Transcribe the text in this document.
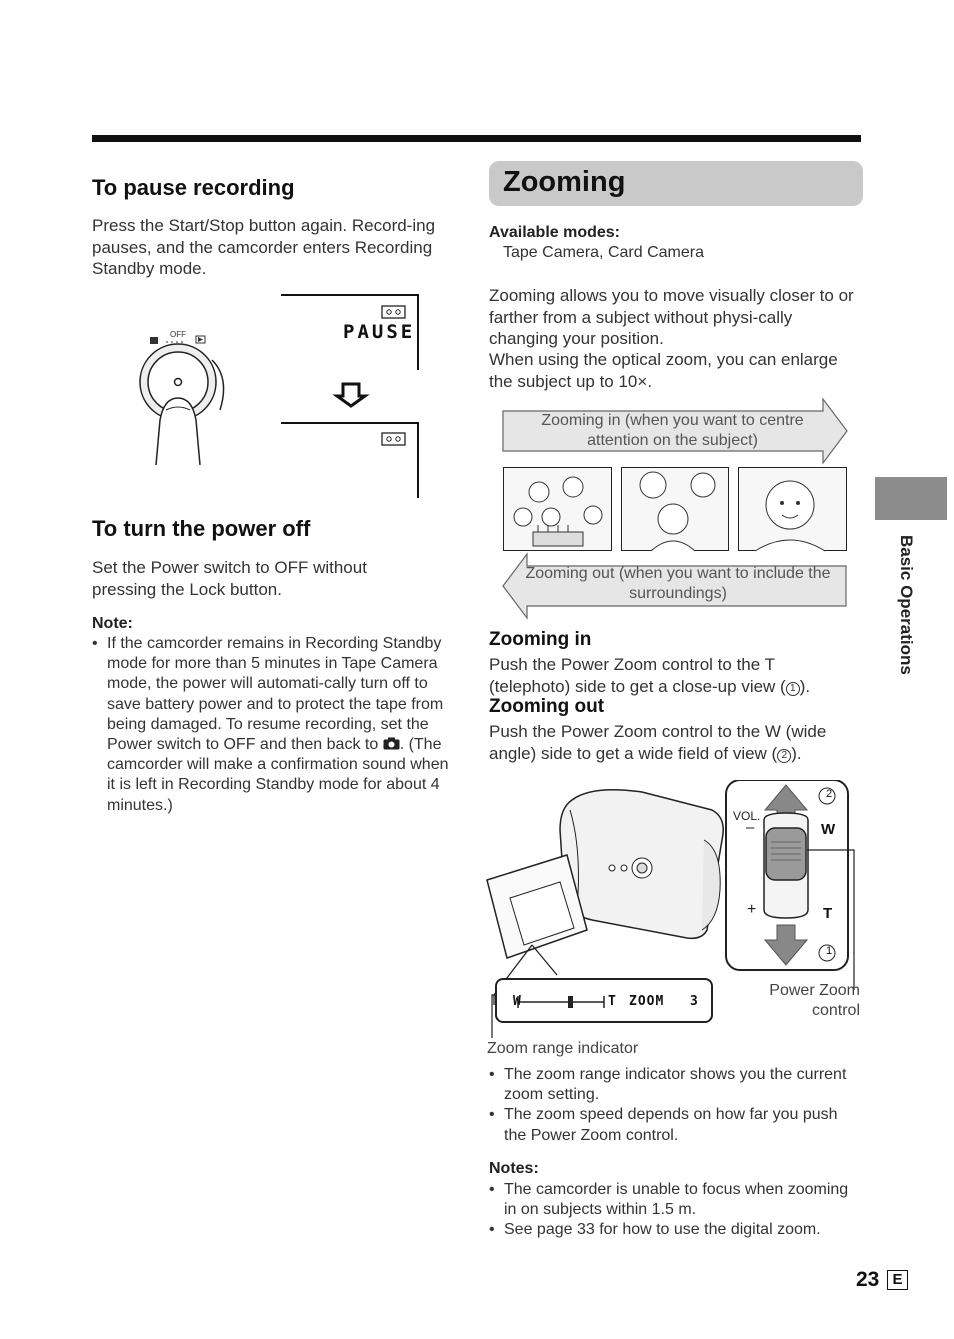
To pause recording

Press the Start/Stop button again. Record-ing pauses, and the camcorder enters Recording Standby mode.

OFF	PAUSE
To turn the power off

Set the Power switch to OFF without pressing the Lock button.

Note:
• If the camcorder remains in Recording Standby mode for more than 5 minutes in Tape Camera mode, the power will automati-cally turn off to save battery power and to protect the tape from being damaged. To resume recording, set the Power switch to OFF and then back to . (The camcorder will make a confirmation sound when it is left in Recording Standby mode for about 4 minutes.)
Zooming
Available modes:
Tape Camera, Card Camera

Zooming allows you to move visually closer to or farther from a subject without physi-cally changing your position.

When using the optical zoom, you can enlarge the subject up to 10×.

Zooming in (when you want to centre attention on the subject)
Zooming out (when you want to include the surroundings)
Zooming in

Push the Power Zoom control to the T (telephoto) side to get a close-up view ( 1 ).

Zooming out

Push the Power Zoom control to the W (wide angle) side to get a wide field of view ( 2 ).

VOL.
–
+
W
T
2
1
W	T ZOOM 3
Power Zoom
control
Zoom range indicator
• The zoom range indicator shows you the current zoom setting.
• The zoom speed depends on how far you push the Power Zoom control.
Notes:
• The camcorder is unable to focus when zooming in on subjects within 1.5 m.
• See page 33 for how to use the digital zoom.
Basic Operations
23 E
